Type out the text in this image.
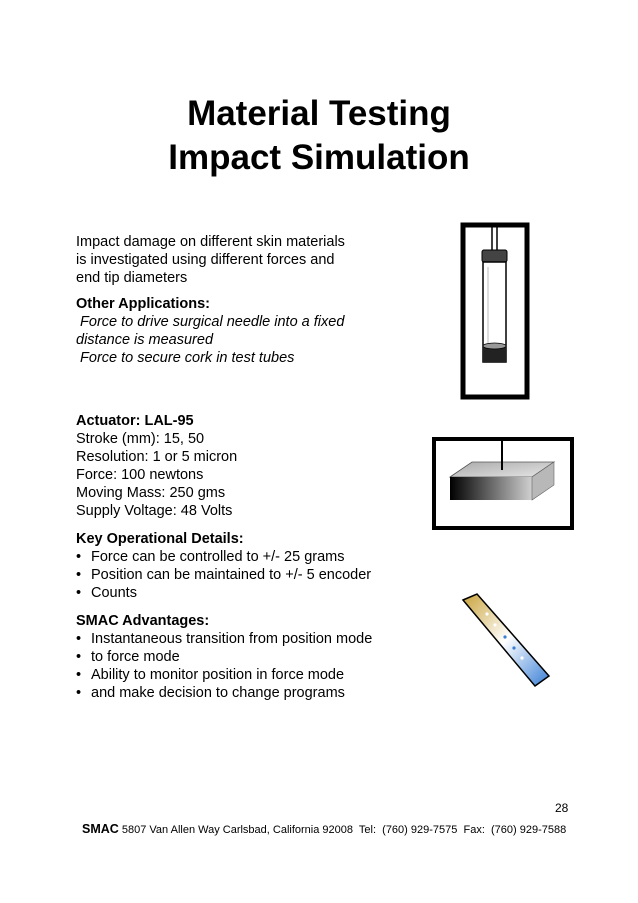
Material Testing
Impact Simulation
Impact damage on different skin materials
is investigated using different forces and
end tip diameters
Other Applications:
Force to drive surgical needle into a fixed
distance is measured
Force to secure cork in test tubes
Actuator: LAL-95
Stroke (mm): 15, 50
Resolution: 1 or 5 micron
Force: 100 newtons
Moving Mass: 250 gms
Supply Voltage: 48 Volts
Key Operational Details:
• Force can be controlled to +/- 25 grams
• Position can be maintained to +/- 5 encoder
• Counts
SMAC Advantages:
• Instantaneous transition from position mode
• to force mode
• Ability to monitor position in force mode
• and make decision to change programs
28
SMAC 5807 Van Allen Way Carlsbad, California 92008  Tel:  (760) 929-7575  Fax:  (760) 929-7588
